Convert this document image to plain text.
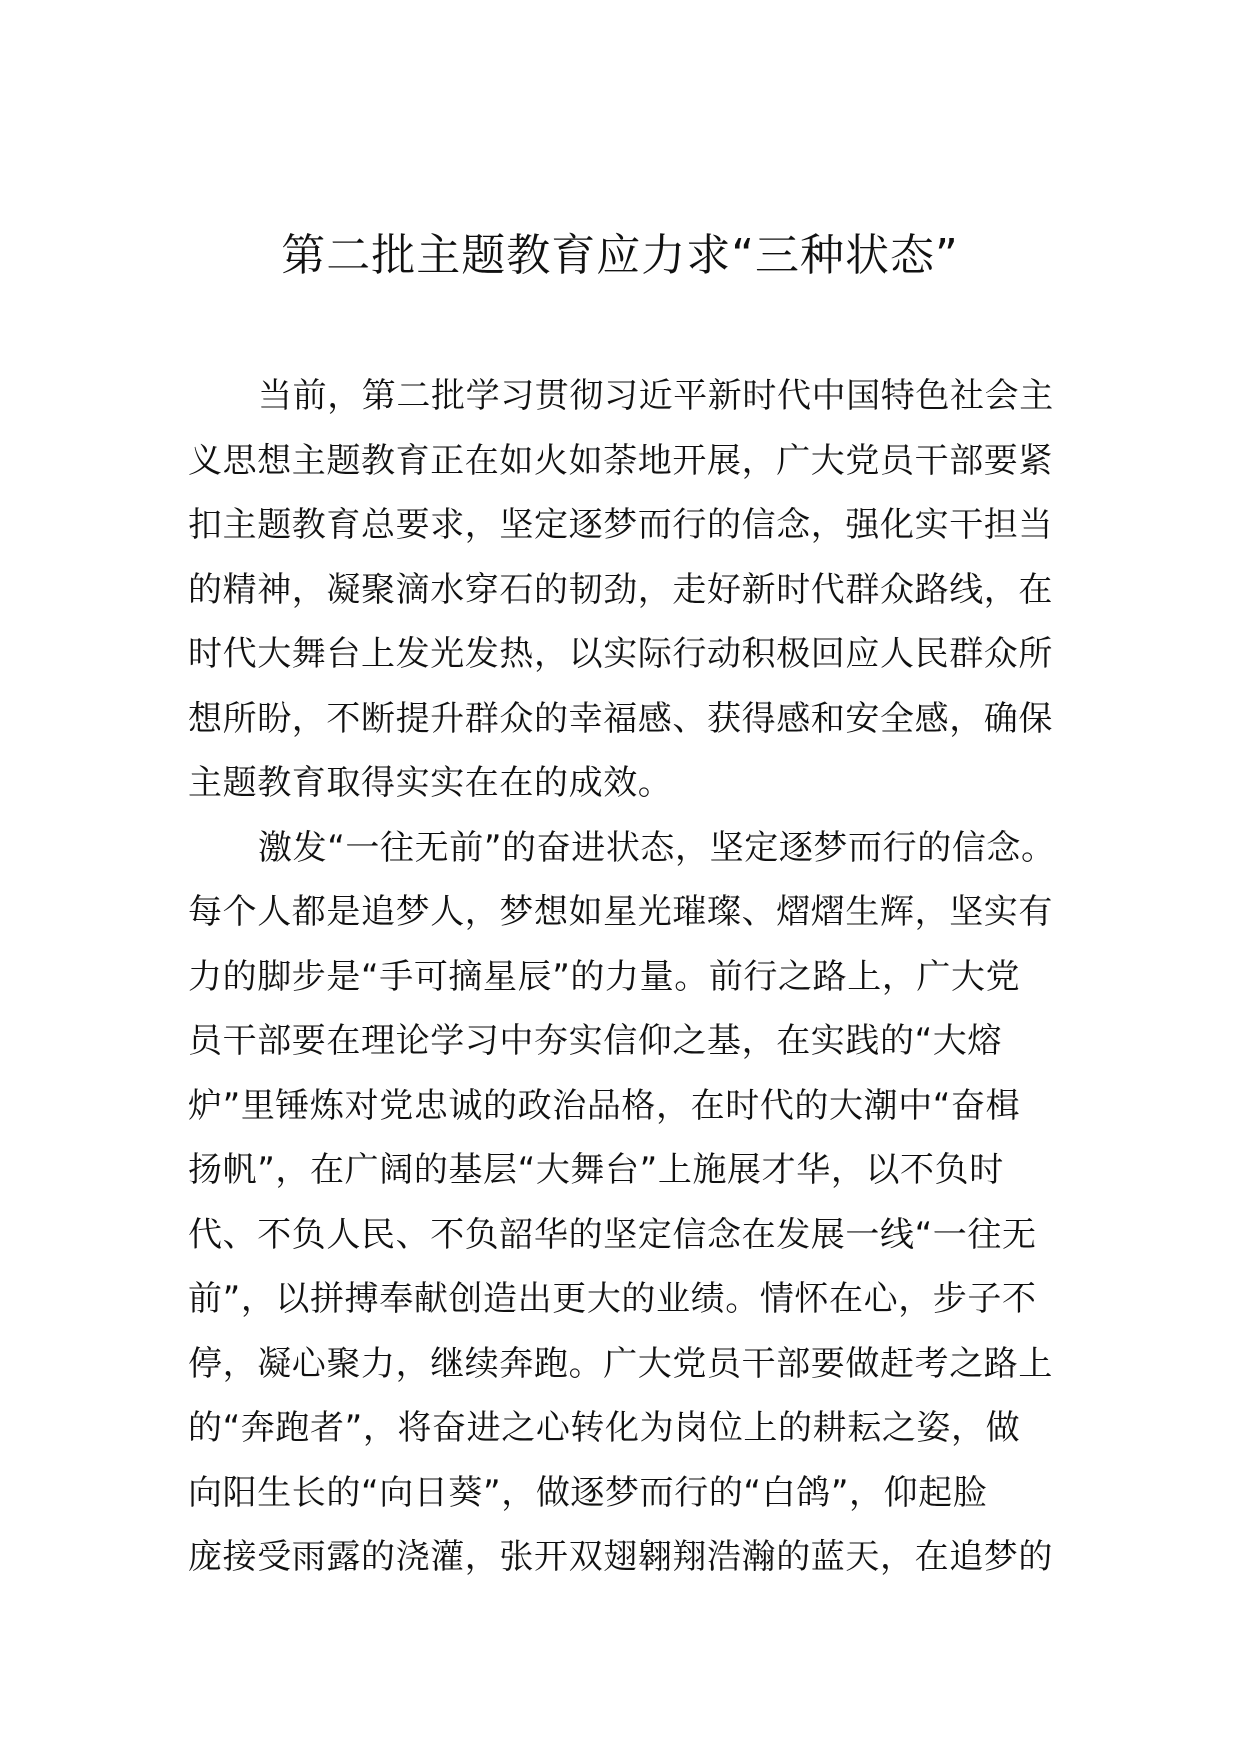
第二批主题教育应力求“三种状态”

当前，第二批学习贯彻习近平新时代中国特色社会主

义思想主题教育正在如火如荼地开展，广大党员干部要紧

扣主题教育总要求，坚定逐梦而行的信念，强化实干担当

的精神，凝聚滴水穿石的韧劲，走好新时代群众路线，在

时代大舞台上发光发热，以实际行动积极回应人民群众所

想所盼，不断提升群众的幸福感、获得感和安全感，确保

主题教育取得实实在在的成效。

激发“一往无前”的奋进状态，坚定逐梦而行的信念。

每个人都是追梦人，梦想如星光璀璨、熠熠生辉，坚实有

力的脚步是“手可摘星辰”的力量。前行之路上，广大党

员干部要在理论学习中夯实信仰之基，在实践的“大熔

炉”里锤炼对党忠诚的政治品格，在时代的大潮中“奋楫

扬帆”，在广阔的基层“大舞台”上施展才华，以不负时

代、不负人民、不负韶华的坚定信念在发展一线“一往无

前”，以拼搏奉献创造出更大的业绩。情怀在心，步子不

停，凝心聚力，继续奔跑。广大党员干部要做赶考之路上

的“奔跑者”，将奋进之心转化为岗位上的耕耘之姿，做

向阳生长的“向日葵”，做逐梦而行的“白鸽”，仰起脸

庞接受雨露的浇灌，张开双翅翱翔浩瀚的蓝天，在追梦的
